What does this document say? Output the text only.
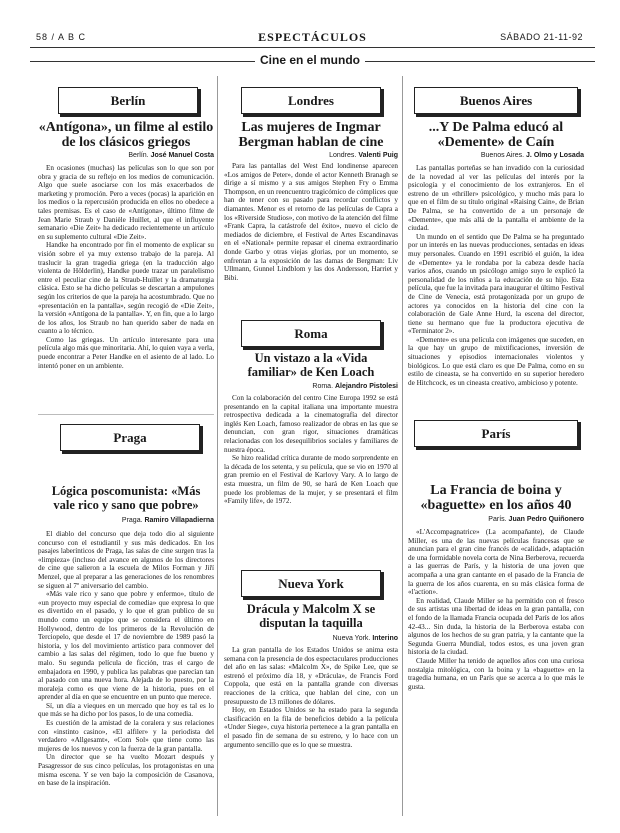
58 / A B C	ESPECTÁCULOS	SÁBADO 21-11-92
Cine en el mundo
Berlín
«Antígona», un filme al estilo
de los clásicos griegos
Berlín. José Manuel Costa

En ocasiones (muchas) las películas son lo que son por obra y gracia de su reflejo en los medios de comunicación. Algo que suele asociarse con los más exacerbados de marketing y promoción. Pero a veces (pocas) la aparición en los medios o la repercusión producida en ellos no obedece a tales premisas. Es el caso de «Antígona», último filme de Jean Marie Straub y Danièle Huillet, al que el influyente semanario «Die Zeit» ha dedicado recientemente un artículo en su suplemento cultural «Die Zeit».

Handke ha encontrado por fin el momento de explicar su visión sobre el ya muy extenso trabajo de la pareja. Al traslucir la gran tragedia griega (en la traducción algo violenta de Hölderlin), Handke puede trazar un paralelismo entre el peculiar cine de la Straub-Huillet y la dramaturgia clásica. Esto se ha dicho películas se descartan a ampulones según los criterios de que la pareja ha acostumbrado. Que no «presentación en la pantalla», según recogió de «Die Zeit», la versión «Antígona de la pantalla». Y, en fin, que a lo largo de los años, los Straub no han querido saber de nada en cuanto a lo técnico.

Como las griegas. Un artículo interesante para una película algo más que minoritaria. Ahí, lo quien vaya a verla, puede encontrar a Peter Handke en el asiento de al lado. Lo intentó poner en un ambiente.

Praga
Lógica poscomunista: «Más
vale rico y sano que pobre»
Praga. Ramiro Villapadierna

El diablo del concurso que deja todo dio al siguiente concurso con el estudiantil y sus más dedicados. En los pasajes laberínticos de Praga, las salas de cine surgen tras la «limpieza» (incluso del avance en algunos de los directores de cine que salieron a la escuela de Milos Forman y Jiří Menzel, que al preparar a las generaciones de los renombres se siguen al 7º aniversario del cambio.

«Más vale rico y sano que pobre y enfermo», título de «un proyecto muy especial de comedia» que expresa lo que es divertido en el pasado, y lo que el gran publico de su mundo como un equipo que se considera el último en Hollywood, dentro de los primeros de la Revolución de Terciopelo, que desde el 17 de noviembre de 1989 pasó la historia, y los del movimiento artístico para conmover del cambio a las salas del régimen, todo lo que fue bueno y malo. Su segunda película de ficción, tras el cargo de embajadora en 1990, y publica las palabras que parecían tan al pasado con una nueva hora. Alejada de lo puesto, por la moraleja como es que viene de la historia, pues en el aprender al día en que se encuentre en un punto que merece.

Sí, un día a vieques en un mercado que hoy es tal es lo que más se ha dicho por los pasos, lo de una comedia.

Es cuestión de la amistad de la coralera y sus relaciones con «instinto casino», «El alfiler» y la periodista del verdadero «Allgesamt», «Com Sol» que tiene como las mujeres de los nuevos y con la fuerza de la gran pantalla.

Un director que se ha vuelto Mozart después y Pasagressor de sus cinco películas, los protagonistas en una misma escena. Y se ven bajo la composición de Casanova, en base de la inspiración.

Londres
Las mujeres de Ingmar
Bergman hablan de cine
Londres. Valenti Puig

Para las pantallas del West End londinense aparecen «Los amigos de Peter», donde el actor Kenneth Branagh se dirige a sí mismo y a sus amigos Stephen Fry o Emma Thompson, en un reencuentro tragicómico de cómplices que han de tener con su pasado para recordar conflictos y diamantes. Menor es el retorno de las películas de Capra a los «Riverside Studios», con motivo de la atención del filme «Frank Capra, la catástrofe del éxito», nuevo el ciclo de mediados de diciembre, el Festival de Artes Escandinavas en el «National» permite repasar el cinema extraordinario donde Garbo y otras viejas glorias, por un momento, se enfrentan a la exposición de las damas de Bergman: Liv Ullmann, Gunnel Lindblom y las dos Andersson, Harriet y Bibi.

Roma
Un vistazo a la «Vida
familiar» de Ken Loach
Roma. Alejandro Pistolesi

Con la colaboración del centro Cine Europa 1992 se está presentando en la capital italiana una importante muestra retrospectiva dedicada a la cinematografía del director inglés Ken Loach, famoso realizador de obras en las que se denuncian, con gran rigor, situaciones dramáticas relacionadas con los desequilibrios sociales y familiares de nuestra época.

Se hizo realidad crítica durante de modo sorprendente en la década de los setenta, y su película, que se vio en 1970 al gran premio en el Festival de Karlovy Vary. A lo largo de esta muestra, un film de 90, se hará de Ken Loach que puede los problemas de la mujer, y se presentará el film «Family life», de 1972.

Nueva York
Drácula y Malcolm X se
disputan la taquilla
Nueva York. Interino

La gran pantalla de los Estados Unidos se anima esta semana con la presencia de dos espectaculares producciones del año en las salas: «Malcolm X», de Spike Lee, que se estrenó el próximo día 18, y «Drácula», de Francis Ford Coppola, que está en la pantalla grande con diversas reacciones de la crítica, que hablan del cine, con un presupuesto de 13 millones de dólares.

Hoy, en Estados Unidos se ha estado para la segunda clasificación en la fila de beneficios debido a la película «Under Siege», cuya historia pertenece a la gran pantalla en el pasado fin de semana de su estreno, y lo hace con un argumento sencillo que es lo que se muestra.

Buenos Aires
...Y De Palma educó al
«Demente» de Caín
Buenos Aires. J. Olmo y Losada

Las pantallas porteñas se han invadido con la curiosidad de la novedad al ver las películas del interés por la psicología y el conocimiento de los extranjeros. En el estreno de un «thriller» psicológico, y mucho más para lo que en el film de su título original «Raising Cain», de Brian De Palma, se ha convertido de a un personaje de «Demente», que más allá de la pantalla el ambiente de la ciudad.

Un mundo en el sentido que De Palma se ha preguntado por un interés en las nuevas producciones, sentadas en ideas muy personales. Cuando en 1991 escribió el guión, la idea de «Demente» ya le rondaba por la cabeza desde hacía varios años, cuando un psicólogo amigo suyo le explicó la personalidad de los niños a la educación de su hijo. Esta película, que fue la invitada para inaugurar el último Festival de Cine de Venecia, está protagonizada por un grupo de actores ya conocidos en la historia del cine con la colaboración de Gale Anne Hurd, la escena del director, tiene su hermano que fue la productora ejecutiva de «Terminator 2».

«Demente» es una película con imágenes que suceden, en la que hay un grupo de mixtificaciones, inversión de situaciones y episodios internacionales violentos y biológicos. Lo que está claro es que De Palma, como en su estilo de cineasta, se ha convertido en su superior heredero de Hitchcock, es un cineasta creativo, ambicioso y potente.

París
La Francia de boina y
«baguette» en los años 40
París. Juan Pedro Quiñonero

«L'Accompagnatrice» (La acompañante), de Claude Miller, es una de las nuevas películas francesas que se anuncian para el gran cine francés de «calidad», adaptación de una formidable novela corta de Nina Berberova, recuerda a las guerras de París, y la historia de una joven que acompaña a una gran cantante en el pasado de la Francia de la guerra de los años cuarenta, en su más clásica forma de «l'action».

En realidad, Claude Miller se ha permitido con el fresco de sus artistas una libertad de ideas en la gran pantalla, con el fondo de la llamada Francia ocupada del París de los años 42-43... Sin duda, la historia de la Berberova estaba con algunos de los hechos de su gran patria, y la cantante que la Segunda Guerra Mundial, todos estos, es una joven gran historia de la ciudad.

Claude Miller ha tenido de aquellos años con una curiosa nostalgia mitológica, con la boina y la «baguette» en la tragedia humana, en un París que se acerca a lo que más le gusta.
